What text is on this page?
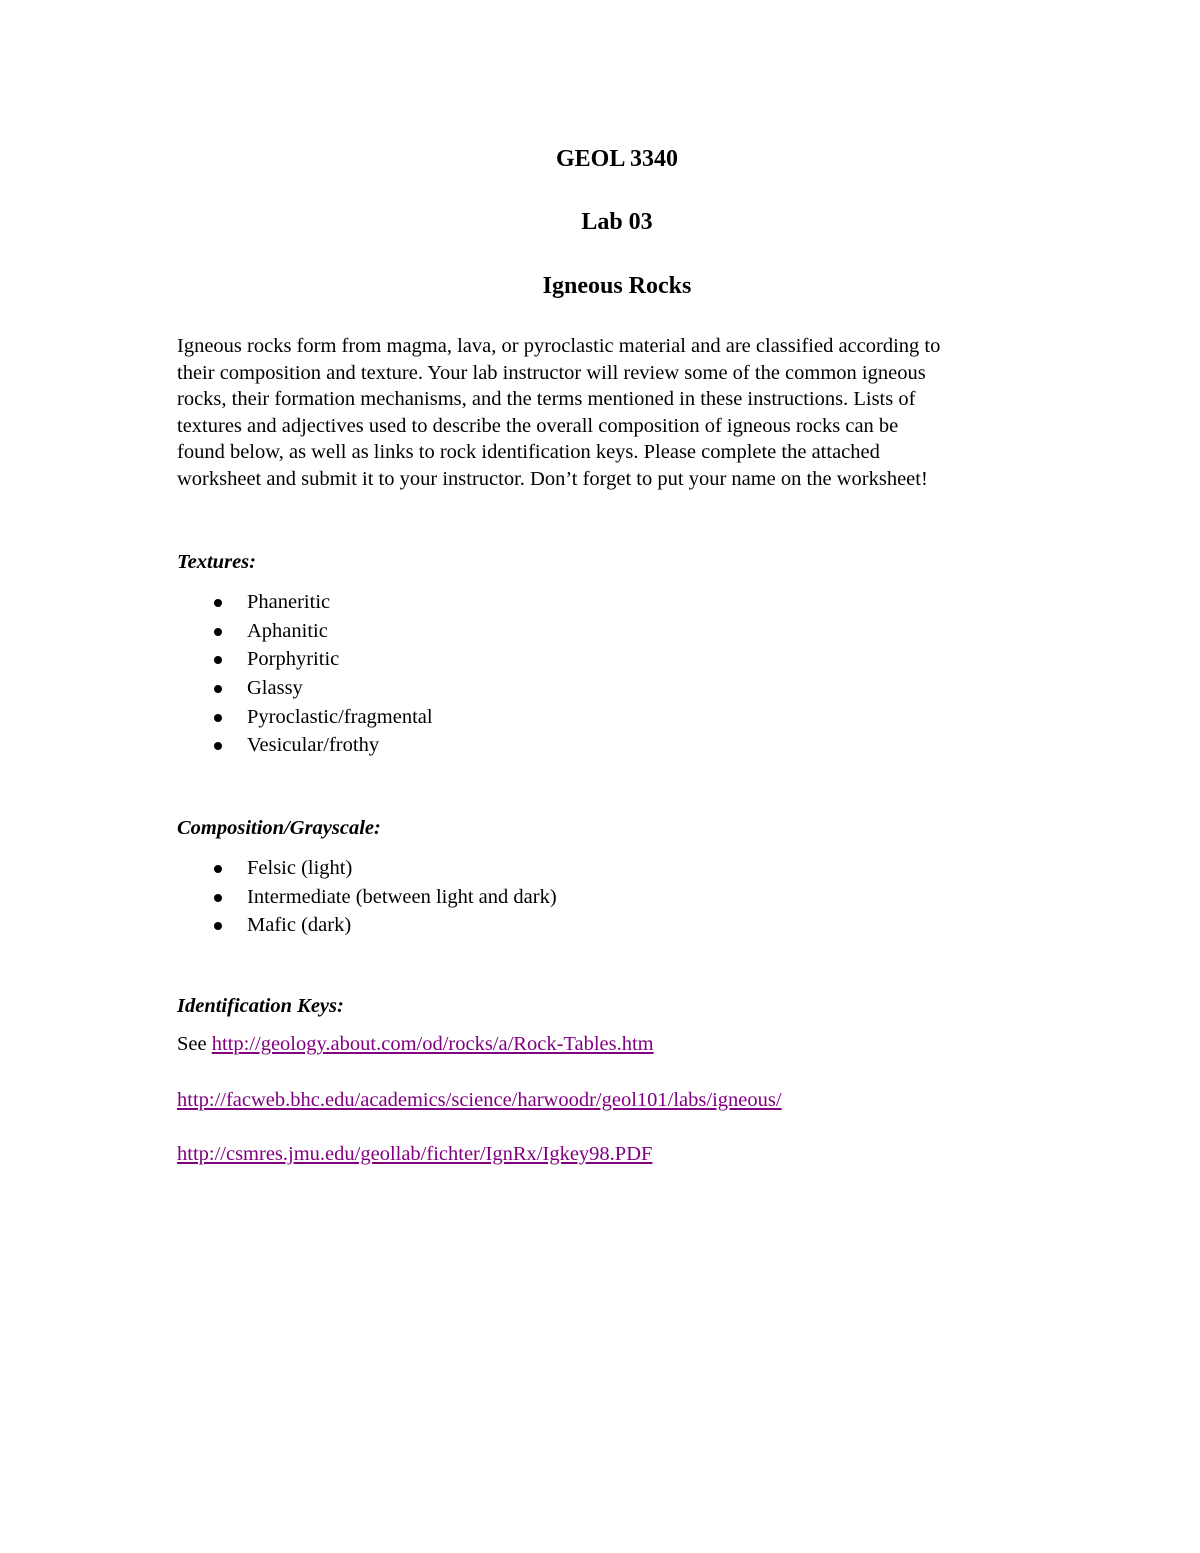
GEOL 3340
Lab 03
Igneous Rocks
Igneous rocks form from magma, lava, or pyroclastic material and are classified according to
their composition and texture. Your lab instructor will review some of the common igneous
rocks, their formation mechanisms, and the terms mentioned in these instructions. Lists of
textures and adjectives used to describe the overall composition of igneous rocks can be
found below, as well as links to rock identification keys. Please complete the attached
worksheet and submit it to your instructor. Don’t forget to put your name on the worksheet!
Textures:
Phaneritic
Aphanitic
Porphyritic
Glassy
Pyroclastic/fragmental
Vesicular/frothy
Composition/Grayscale:
Felsic (light)
Intermediate (between light and dark)
Mafic (dark)
Identification Keys:
See http://geology.about.com/od/rocks/a/Rock-Tables.htm
http://facweb.bhc.edu/academics/science/harwoodr/geol101/labs/igneous/
http://csmres.jmu.edu/geollab/fichter/IgnRx/Igkey98.PDF
